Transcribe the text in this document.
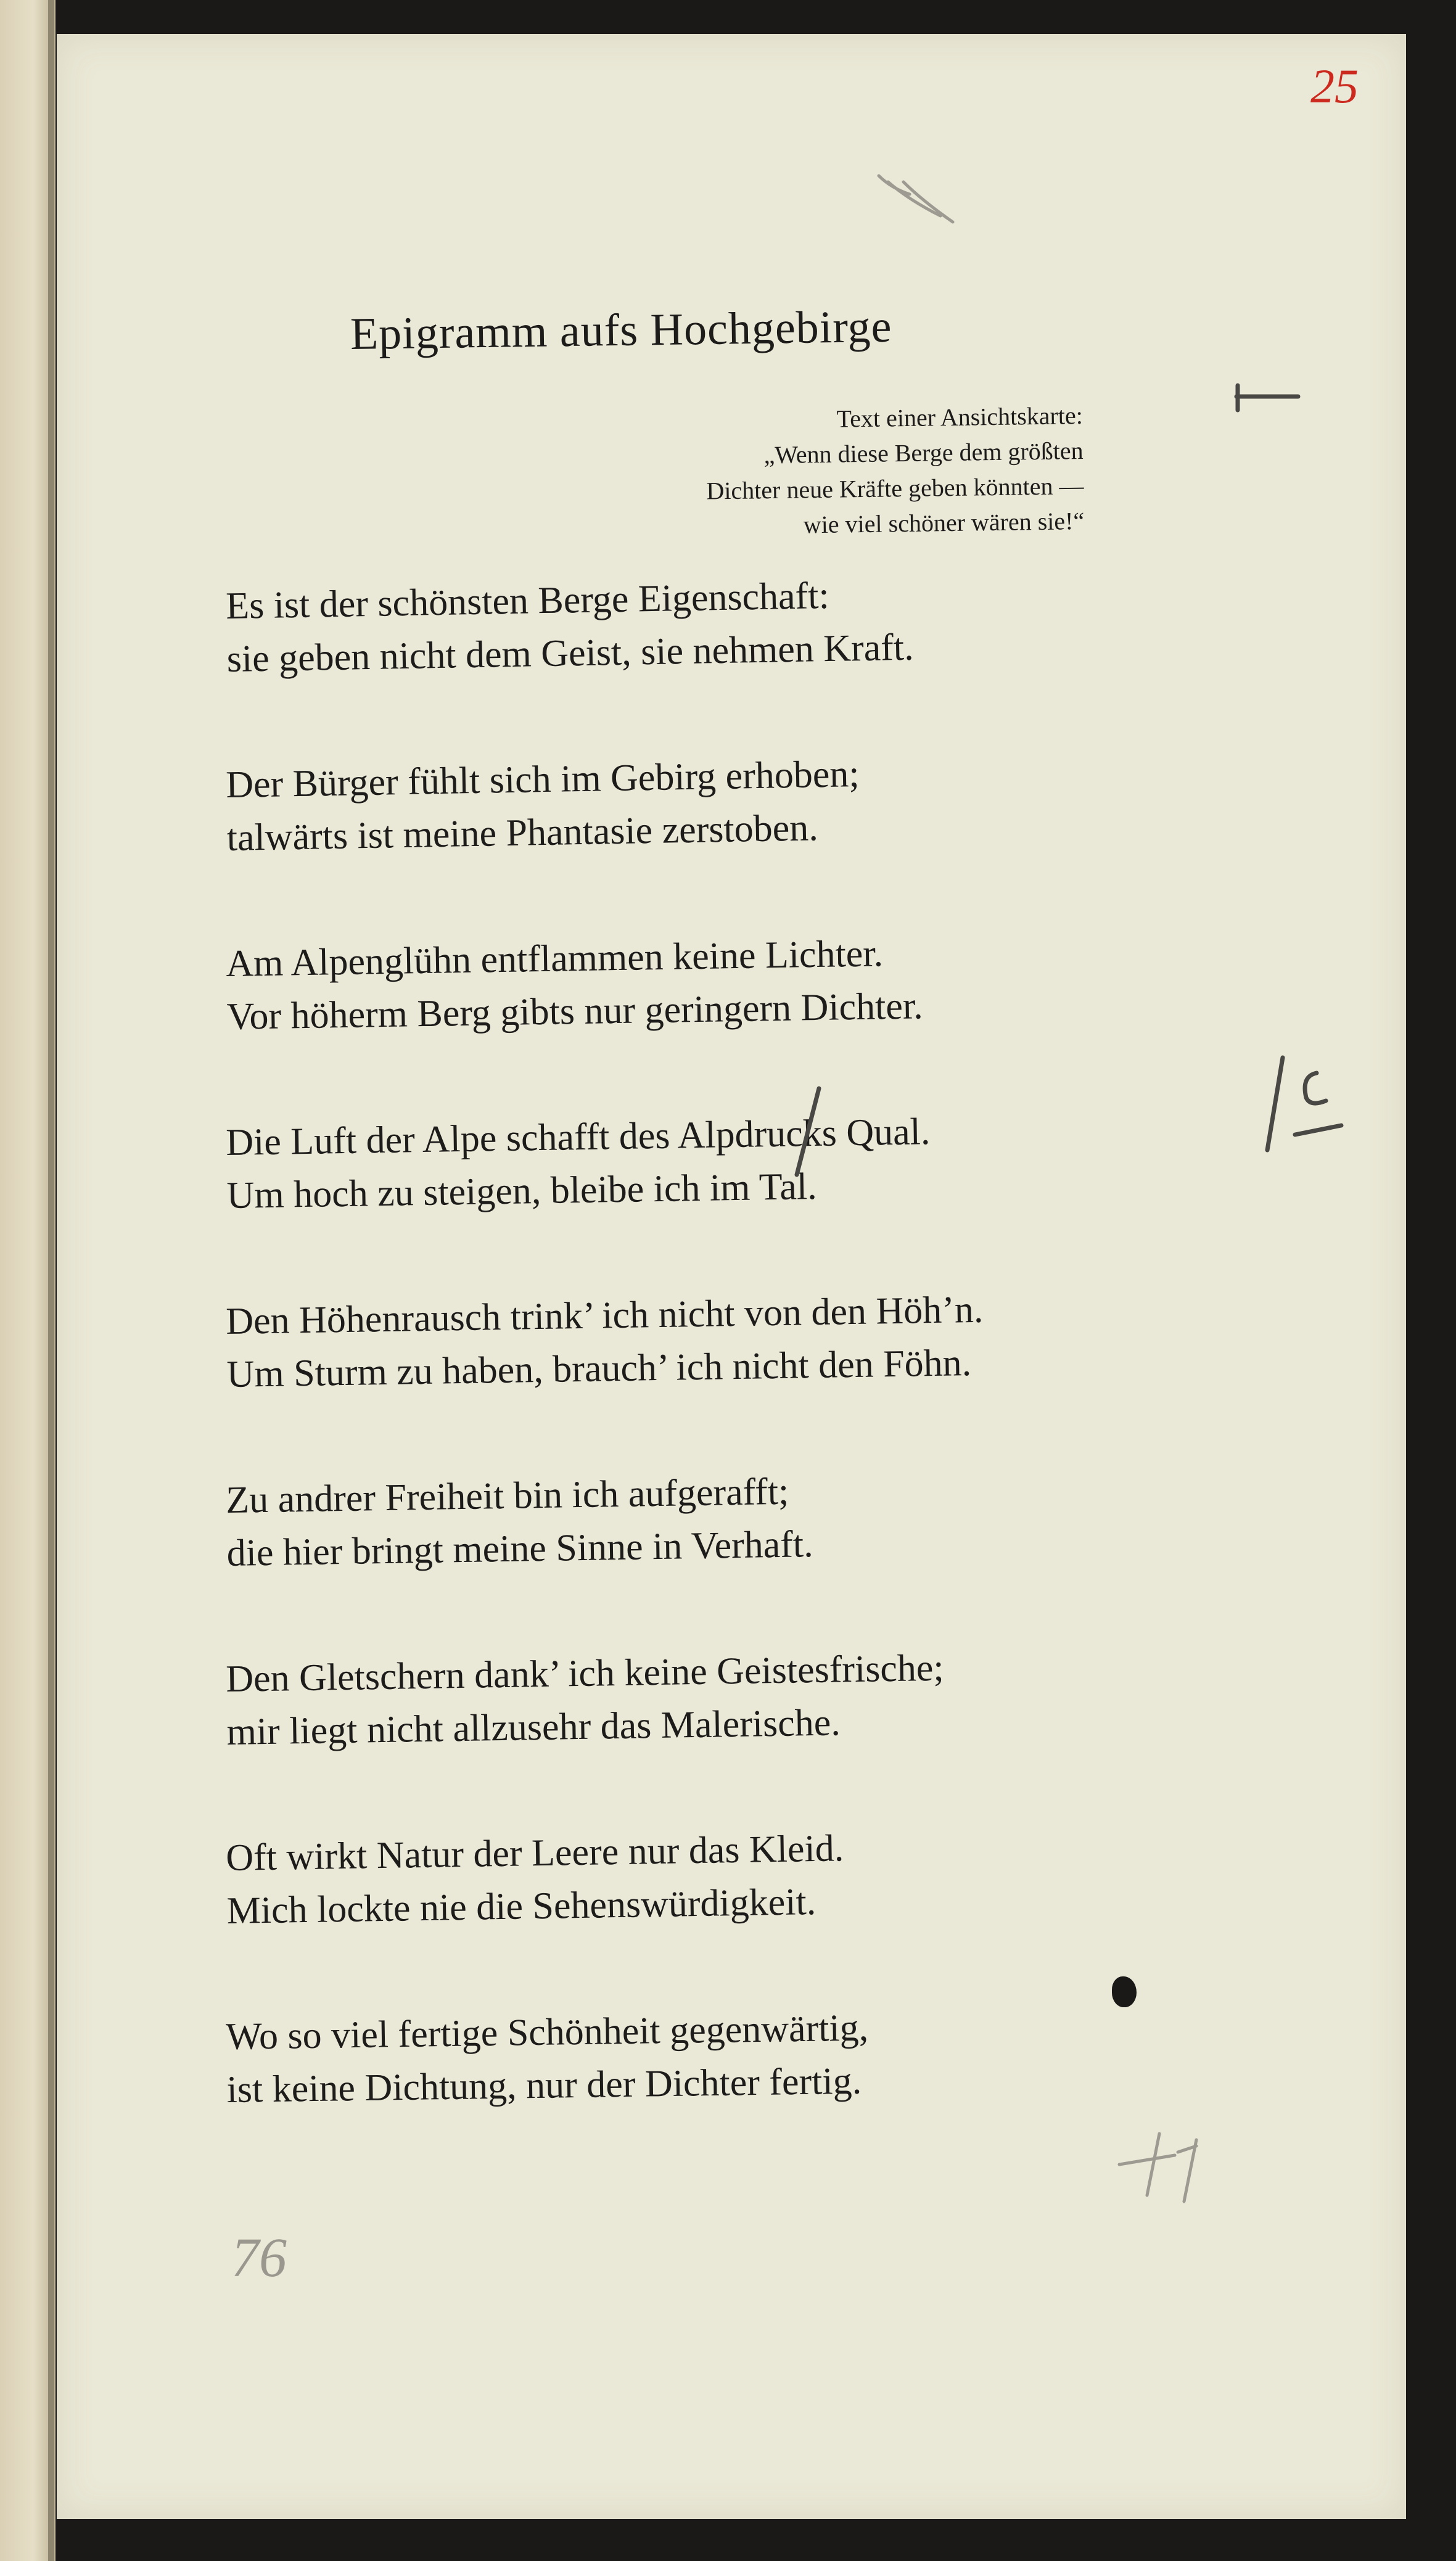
25
Epigramm aufs Hochgebirge
Text einer Ansichtskarte:
„Wenn diese Berge dem größten
Dichter neue Kräfte geben könnten —
wie viel schöner wären sie!“
Es ist der schönsten Berge Eigenschaft:
sie geben nicht dem Geist, sie nehmen Kraft.
Der Bürger fühlt sich im Gebirg erhoben;
talwärts ist meine Phantasie zerstoben.
Am Alpenglühn entflammen keine Lichter.
Vor höherm Berg gibts nur geringern Dichter.
Die Luft der Alpe schafft des Alpdrucks Qual.
Um hoch zu steigen, bleibe ich im Tal.
Den Höhenrausch trink’ ich nicht von den Höh’n.
Um Sturm zu haben, brauch’ ich nicht den Föhn.
Zu andrer Freiheit bin ich aufgerafft;
die hier bringt meine Sinne in Verhaft.
Den Gletschern dank’ ich keine Geistesfrische;
mir liegt nicht allzusehr das Malerische.
Oft wirkt Natur der Leere nur das Kleid.
Mich lockte nie die Sehenswürdigkeit.
Wo so viel fertige Schönheit gegenwärtig,
ist keine Dichtung, nur der Dichter fertig.
76
